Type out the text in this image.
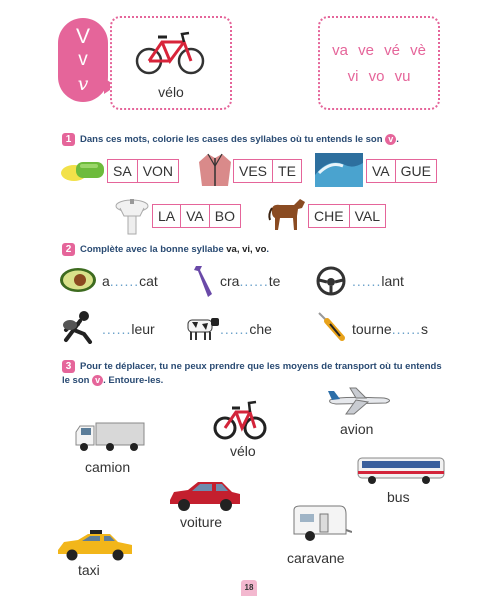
V
v
v	vélo
va ve vé vè
vi vo vu
1 Dans ces mots, colorie les cases des syllabes où tu entends le son v .
SA VON	VES TE	VA GUE
LA VA BO	CHE VAL
2 Complète avec la bonne syllabe va, vi, vo.
a......cat	cra......te	......lant
......leur	......che	tourne......s
3 Pour te déplacer, tu ne peux prendre que les moyens de transport où tu entends
le son v . Entoure-les.
camion
vélo
avion
bus
voiture
caravane
taxi
18
